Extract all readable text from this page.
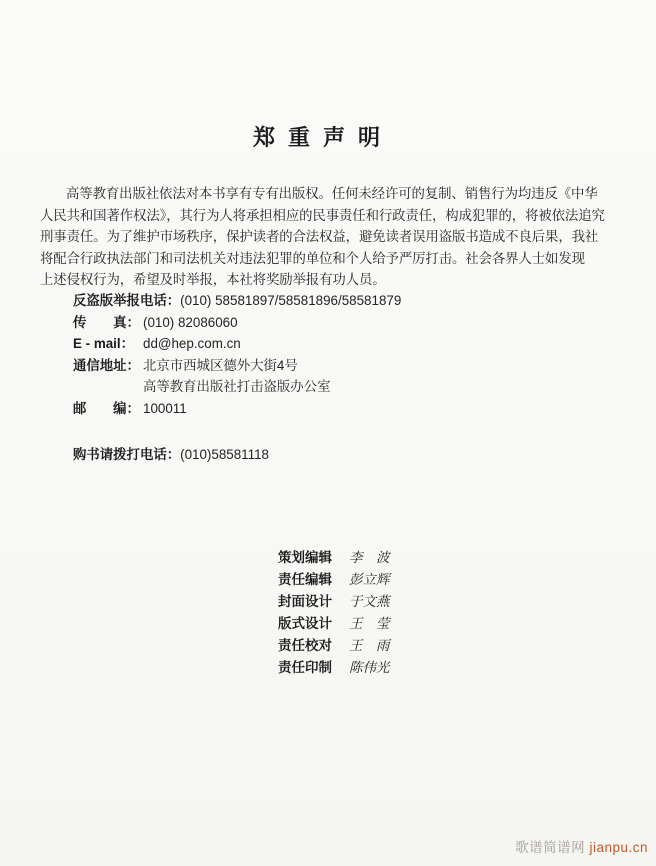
郑重声明
高等教育出版社依法对本书享有专有出版权。任何未经许可的复制、销售行为均违反《中华
人民共和国著作权法》，其行为人将承担相应的民事责任和行政责任，构成犯罪的，将被依法追究
刑事责任。为了维护市场秩序，保护读者的合法权益，避免读者误用盗版书造成不良后果，我社
将配合行政执法部门和司法机关对违法犯罪的单位和个人给予严厉打击。社会各界人士如发现
上述侵权行为，希望及时举报，本社将奖励举报有功人员。
反盗版举报电话：(010) 58581897/58581896/58581879
传　　真： (010) 82086060
E - mail： dd@hep.com.cn
通信地址： 北京市西城区德外大街4号
高等教育出版社打击盗版办公室
邮　　编： 100011
购书请拨打电话：(010)58581118
策划编辑 李　波
责任编辑 彭立辉
封面设计 于文燕
版式设计 王　莹
责任校对 王　雨
责任印制 陈伟光
歌谱简谱网 jianpu.cn
